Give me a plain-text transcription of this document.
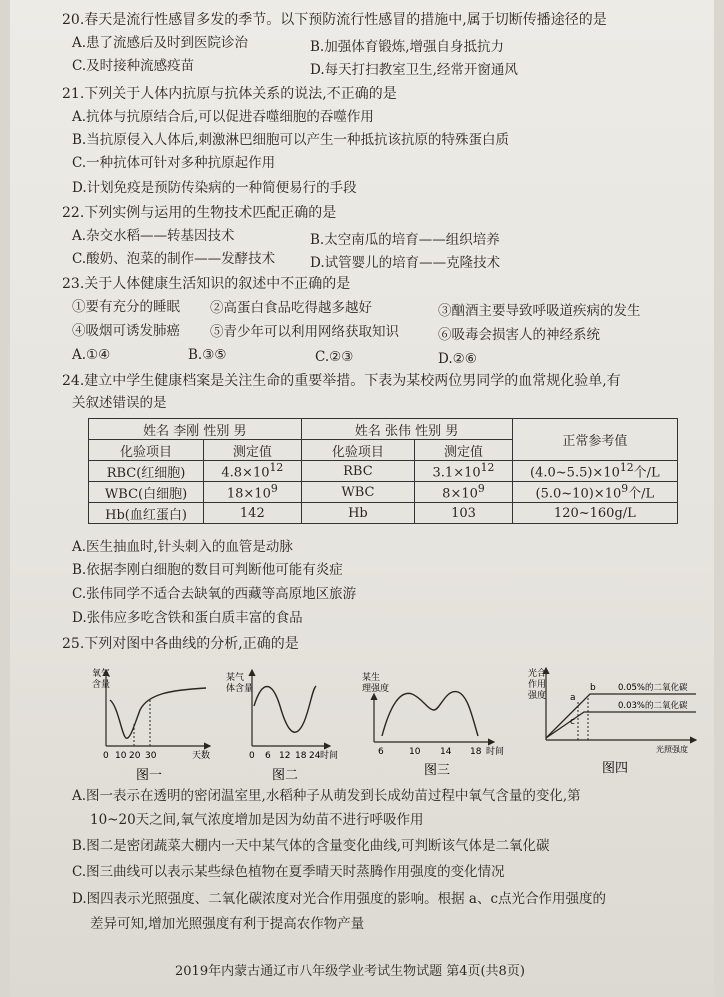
20.春天是流行性感冒多发的季节。以下预防流行性感冒的措施中,属于切断传播途径的是
A.患了流感后及时到医院诊治	B.加强体育锻炼,增强自身抵抗力
C.及时接种流感疫苗	D.每天打扫教室卫生,经常开窗通风
21.下列关于人体内抗原与抗体关系的说法,不正确的是
A.抗体与抗原结合后,可以促进吞噬细胞的吞噬作用
B.当抗原侵入人体后,刺激淋巴细胞可以产生一种抵抗该抗原的特殊蛋白质
C.一种抗体可针对多种抗原起作用
D.计划免疫是预防传染病的一种简便易行的手段
22.下列实例与运用的生物技术匹配正确的是
A.杂交水稻——转基因技术	B.太空南瓜的培育——组织培养
C.酸奶、泡菜的制作——发酵技术	D.试管婴儿的培育——克隆技术
23.关于人体健康生活知识的叙述中不正确的是
①要有充分的睡眠 ②高蛋白食品吃得越多越好	③酗酒主要导致呼吸道疾病的发生
④吸烟可诱发肺癌 ⑤青少年可以利用网络获取知识	⑥吸毒会损害人的神经系统
A.①④	B.③⑤	C.②③	D.②⑥
24.建立中学生健康档案是关注生命的重要举措。下表为某校两位男同学的血常规化验单,有
关叙述错误的是
姓名 李刚 性别 男		姓名 张伟 性别 男		正常参考值
化验项目	测定值	化验项目	测定值	
RBC(红细胞)	$4.8\times 10^{12}$	RBC	$3.1\times 10^{12}$	$(4.0\sim 5.5)\times 10^{12}$个/L
WBC(白细胞)	$18\times 10^9$	WBC	$8\times 10^9$	$(5.0\sim 10)\times 10^9$个/L
Hb(血红蛋白)	142	Hb	103	120~160g/L
A.医生抽血时,针头刺入的血管是动脉
B.依据李刚白细胞的数目可判断他可能有炎症
C.张伟同学不适合去缺氧的西藏等高原地区旅游
D.张伟应多吃含铁和蛋白质丰富的食品
25.下列对图中各曲线的分析,正确的是
氧气
含量
0 10 20 30	天数
图一
某气
体含量
0 6 12 18 24 时间
图二
某生
理强度
6	10 14 18 时间
图三
光合
作用
强度	a
b
c
0.05%的二氧化碳
0.03%的二氧化碳
光照强度
图四
A.图一表示在透明的密闭温室里,水稻种子从萌发到长成幼苗过程中氧气含量的变化,第
10~20天之间,氧气浓度增加是因为幼苗不进行呼吸作用
B.图二是密闭蔬菜大棚内一天中某气体的含量变化曲线,可判断该气体是二氧化碳
C.图三曲线可以表示某些绿色植物在夏季晴天时蒸腾作用强度的变化情况
D.图四表示光照强度、二氧化碳浓度对光合作用强度的影响。根据 a、c点光合作用强度的
差异可知,增加光照强度有利于提高农作物产量
2019年内蒙古通辽市八年级学业考试生物试题 第4页(共8页)
